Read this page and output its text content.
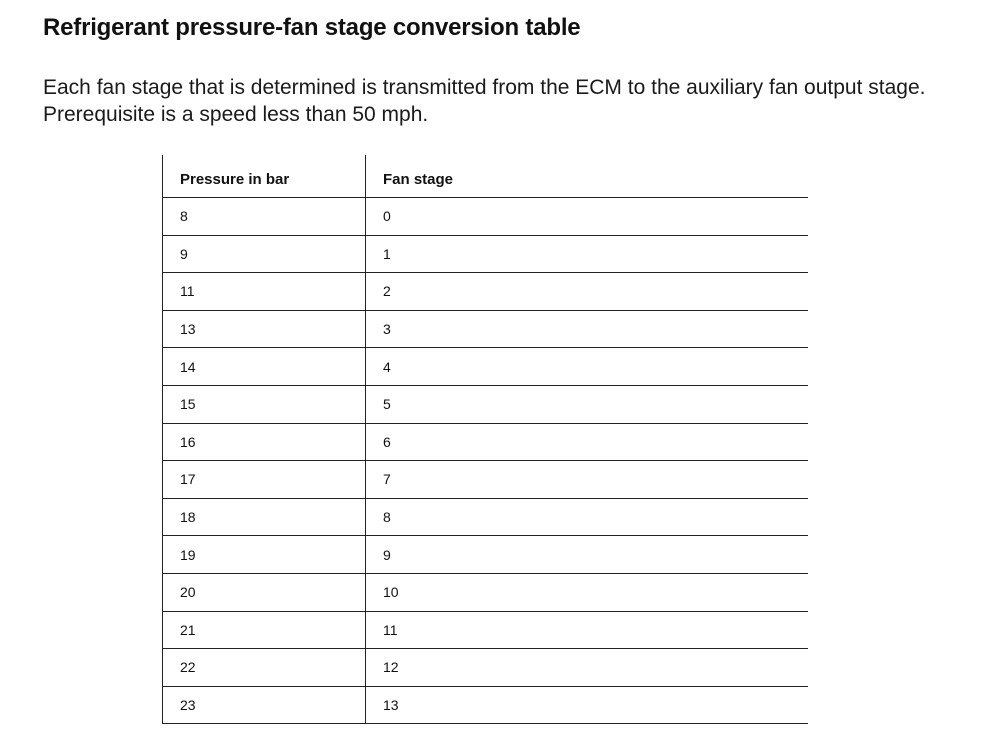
Refrigerant pressure-fan stage conversion table

Each fan stage that is determined is transmitted from the ECM to the auxiliary fan output stage. Prerequisite is a speed less than 50 mph.

Pressure in bar	Fan stage
8	0
9	1
11	2
13	3
14	4
15	5
16	6
17	7
18	8
19	9
20	10
21	11
22	12
23	13
